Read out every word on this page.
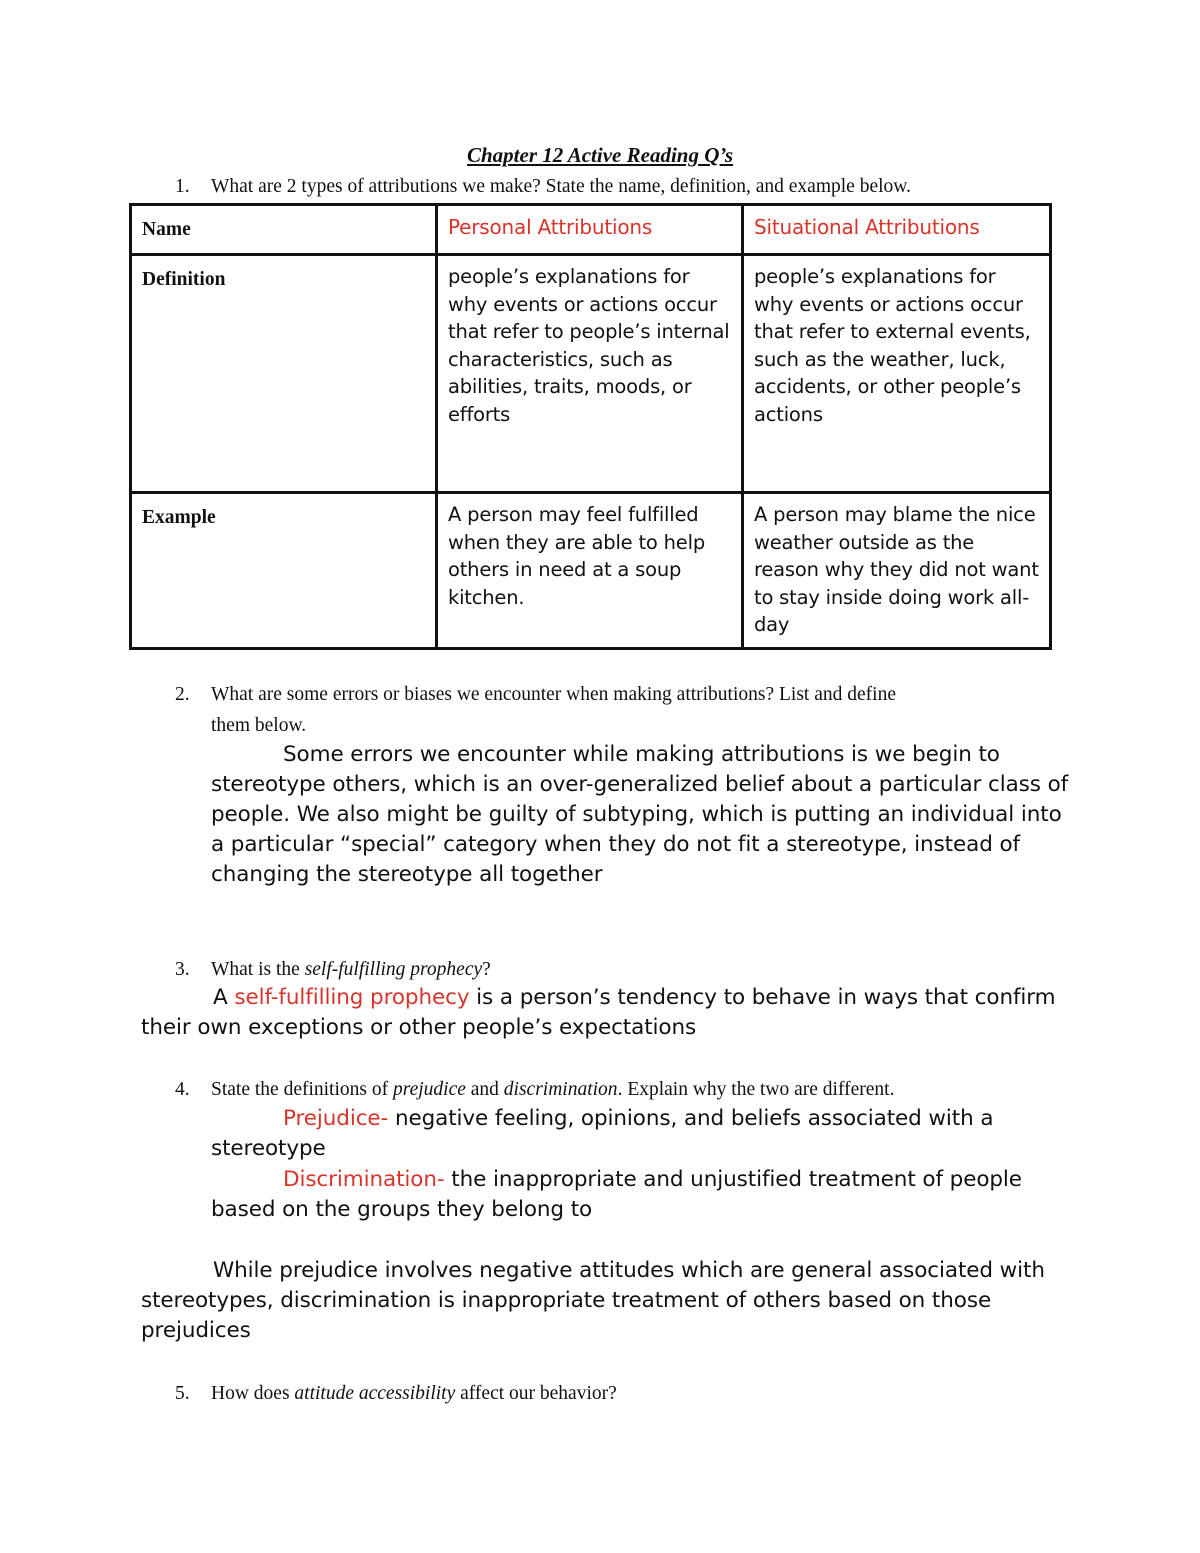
Chapter 12 Active Reading Q’s
1. What are 2 types of attributions we make? State the name, definition, and example below.
Name	Personal Attributions	Situational Attributions
Definition	people’s explanations for why events or actions occur that refer to people’s internal characteristics, such as abilities, traits, moods, or efforts	people’s explanations for why events or actions occur that refer to external events, such as the weather, luck, accidents, or other people’s actions
Example	A person may feel fulfilled when they are able to help others in need at a soup kitchen.	A person may blame the nice weather outside as the reason why they did not want to stay inside doing work all-day
2. What are some errors or biases we encounter when making attributions? List and define
them below.
Some errors we encounter while making attributions is we begin to stereotype others, which is an over-generalized belief about a particular class of people. We also might be guilty of subtyping, which is putting an individual into a particular “special” category when they do not fit a stereotype, instead of changing the stereotype all together
3. What is the self-fulfilling prophecy?
A self-fulfilling prophecy is a person’s tendency to behave in ways that confirm their own exceptions or other people’s expectations
4. State the definitions of prejudice and discrimination. Explain why the two are different.
Prejudice- negative feeling, opinions, and beliefs associated with a stereotype
Discrimination- the inappropriate and unjustified treatment of people based on the groups they belong to
While prejudice involves negative attitudes which are general associated with stereotypes, discrimination is inappropriate treatment of others based on those prejudices
5. How does attitude accessibility affect our behavior?
